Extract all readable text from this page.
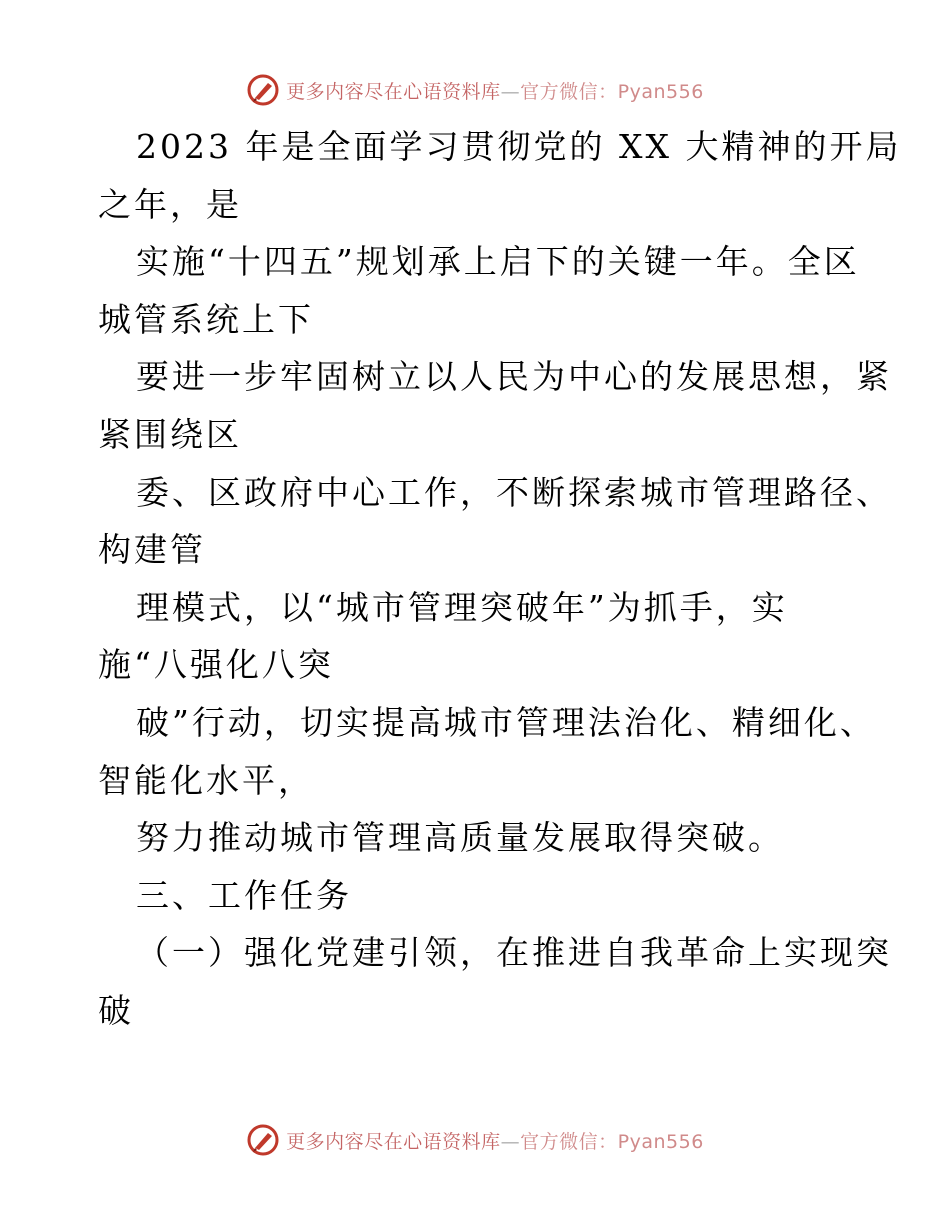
更多内容尽在心语资料库—官方微信：Pyan556
2023 年是全面学习贯彻党的 XX 大精神的开局
之年，是
实施“十四五”规划承上启下的关键一年。全区
城管系统上下
要进一步牢固树立以人民为中心的发展思想，紧
紧围绕区
委、区政府中心工作，不断探索城市管理路径、
构建管
理模式，以“城市管理突破年”为抓手，实
施“八强化八突
破”行动，切实提高城市管理法治化、精细化、
智能化水平，
努力推动城市管理高质量发展取得突破。
三、工作任务
（一）强化党建引领，在推进自我革命上实现突
破
更多内容尽在心语资料库—官方微信：Pyan556
